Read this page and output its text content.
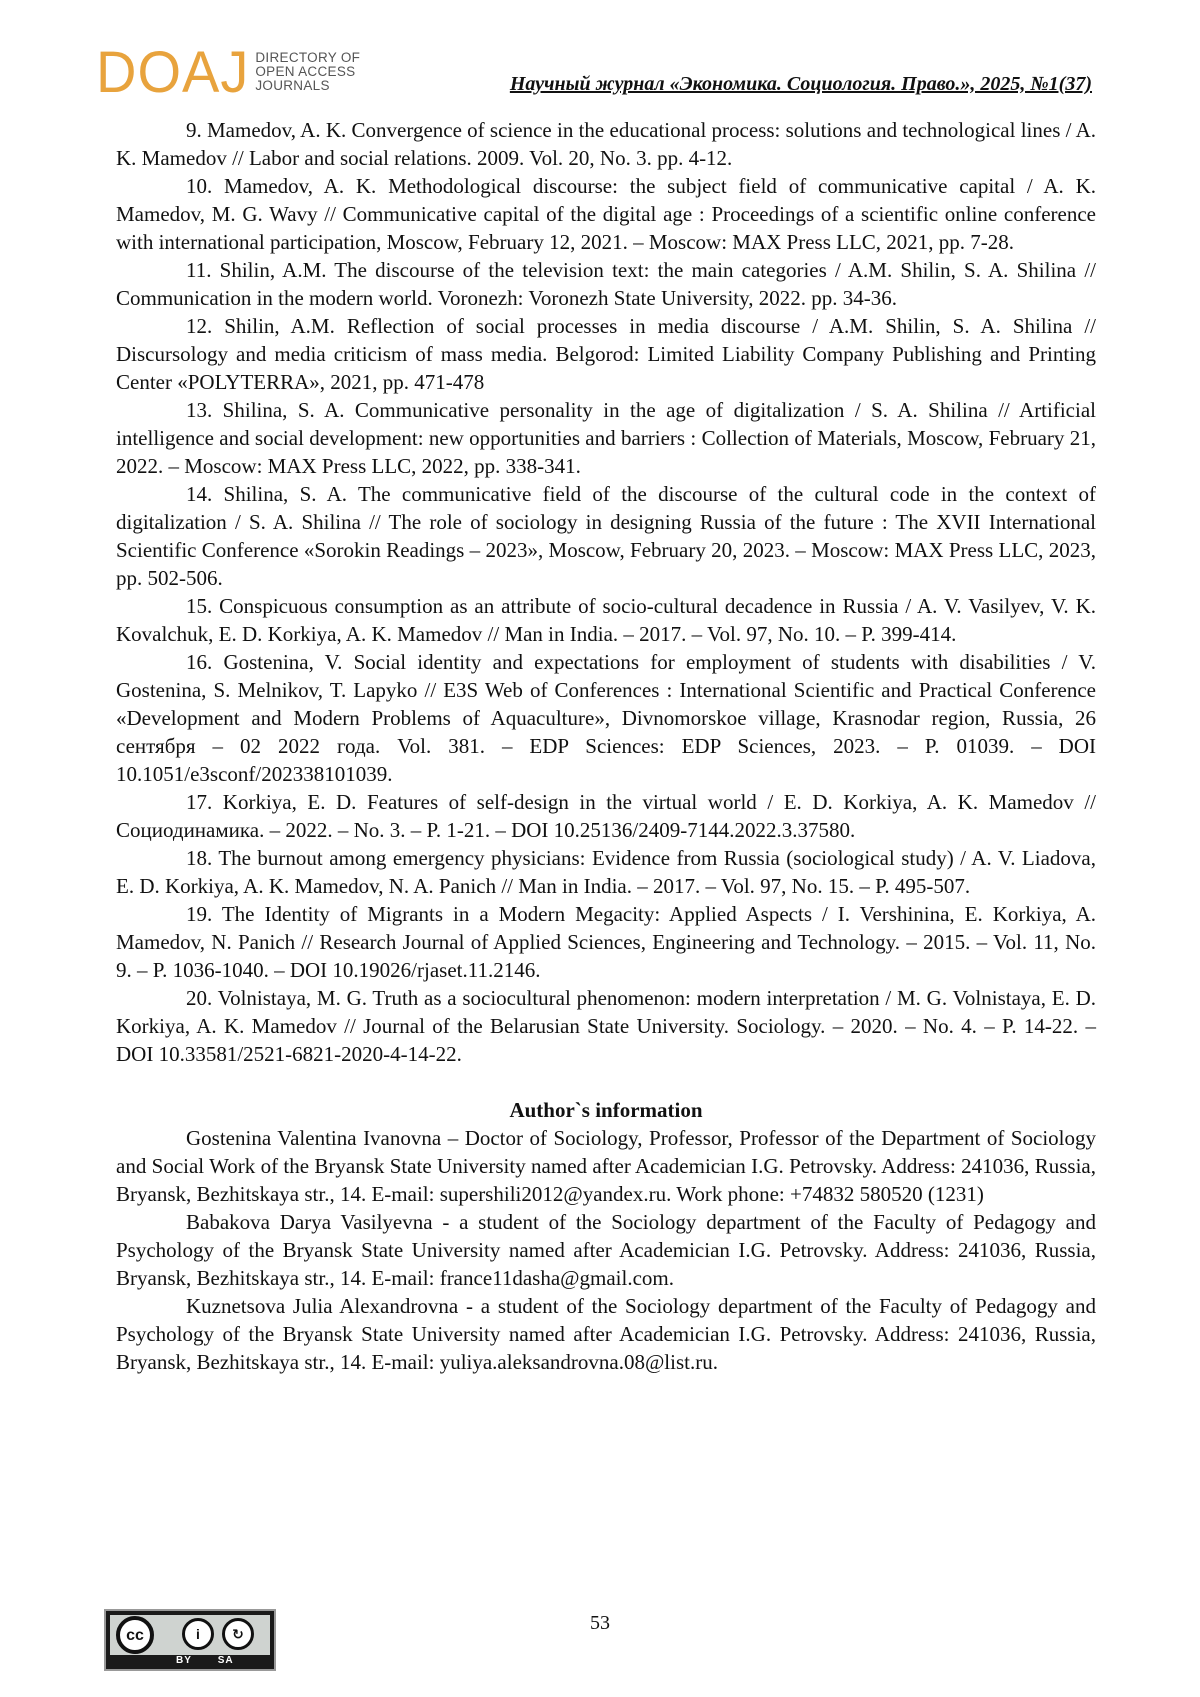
DOAJ DIRECTORY OF
OPEN ACCESS
JOURNALS	Научный журнал «Экономика. Социология. Право.», 2025, №1(37)

9. Mamedov, A. K. Convergence of science in the educational process: solutions and technological lines / A. K. Mamedov // Labor and social relations. 2009. Vol. 20, No. 3. pp. 4-12.

10. Mamedov, A. K. Methodological discourse: the subject field of communicative capital / A. K. Mamedov, M. G. Wavy // Communicative capital of the digital age : Proceedings of a scientific online conference with international participation, Moscow, February 12, 2021. – Moscow: MAX Press LLC, 2021, pp. 7-28.

11. Shilin, A.M. The discourse of the television text: the main categories / A.M. Shilin, S. A. Shilina // Communication in the modern world. Voronezh: Voronezh State University, 2022. pp. 34-36.

12. Shilin, A.M. Reflection of social processes in media discourse / A.M. Shilin, S. A. Shilina // Discursology and media criticism of mass media. Belgorod: Limited Liability Company Publishing and Printing Center «POLYTERRA», 2021, pp. 471-478

13. Shilina, S. A. Communicative personality in the age of digitalization / S. A. Shilina // Artificial intelligence and social development: new opportunities and barriers : Collection of Materials, Moscow, February 21, 2022. – Moscow: MAX Press LLC, 2022, pp. 338-341.

14. Shilina, S. A. The communicative field of the discourse of the cultural code in the context of digitalization / S. A. Shilina // The role of sociology in designing Russia of the future : The XVII International Scientific Conference «Sorokin Readings – 2023», Moscow, February 20, 2023. – Moscow: MAX Press LLC, 2023, pp. 502-506.

15. Conspicuous consumption as an attribute of socio-cultural decadence in Russia / A. V. Vasilyev, V. K. Kovalchuk, E. D. Korkiya, A. K. Mamedov // Man in India. – 2017. – Vol. 97, No. 10. – P. 399-414.

16. Gostenina, V. Social identity and expectations for employment of students with disabilities / V. Gostenina, S. Melnikov, T. Lapyko // E3S Web of Conferences : International Scientific and Practical Conference «Development and Modern Problems of Aquaculture», Divnomorskoe village, Krasnodar region, Russia, 26 сентября – 02 2022 года. Vol. 381. – EDP Sciences: EDP Sciences, 2023. – P. 01039. – DOI 10.1051/e3sconf/202338101039.

17. Korkiya, E. D. Features of self-design in the virtual world / E. D. Korkiya, A. K. Mamedov // Социодинамика. – 2022. – No. 3. – P. 1-21. – DOI 10.25136/2409-7144.2022.3.37580.

18. The burnout among emergency physicians: Evidence from Russia (sociological study) / A. V. Liadova, E. D. Korkiya, A. K. Mamedov, N. A. Panich // Man in India. – 2017. – Vol. 97, No. 15. – P. 495-507.

19. The Identity of Migrants in a Modern Megacity: Applied Aspects / I. Vershinina, E. Korkiya, A. Mamedov, N. Panich // Research Journal of Applied Sciences, Engineering and Technology. – 2015. – Vol. 11, No. 9. – P. 1036-1040. – DOI 10.19026/rjaset.11.2146.

20. Volnistaya, M. G. Truth as a sociocultural phenomenon: modern interpretation / M. G. Volnistaya, E. D. Korkiya, A. K. Mamedov // Journal of the Belarusian State University. Sociology. – 2020. – No. 4. – P. 14-22. – DOI 10.33581/2521-6821-2020-4-14-22.

Author`s information

Gostenina Valentina Ivanovna – Doctor of Sociology, Professor, Professor of the Department of Sociology and Social Work of the Bryansk State University named after Academician I.G. Petrovsky. Address: 241036, Russia, Bryansk, Bezhitskaya str., 14. E-mail: supershili2012@yandex.ru. Work phone: +74832 580520 (1231)

Babakova Darya Vasilyevna - a student of the Sociology department of the Faculty of Pedagogy and Psychology of the Bryansk State University named after Academician I.G. Petrovsky. Address: 241036, Russia, Bryansk, Bezhitskaya str., 14. E-mail: france11dasha@gmail.com.

Kuznetsova Julia Alexandrovna - a student of the Sociology department of the Faculty of Pedagogy and Psychology of the Bryansk State University named after Academician I.G. Petrovsky. Address: 241036, Russia, Bryansk, Bezhitskaya str., 14. E-mail: yuliya.aleksandrovna.08@list.ru.

cc	i	↻
BY	SA
53
